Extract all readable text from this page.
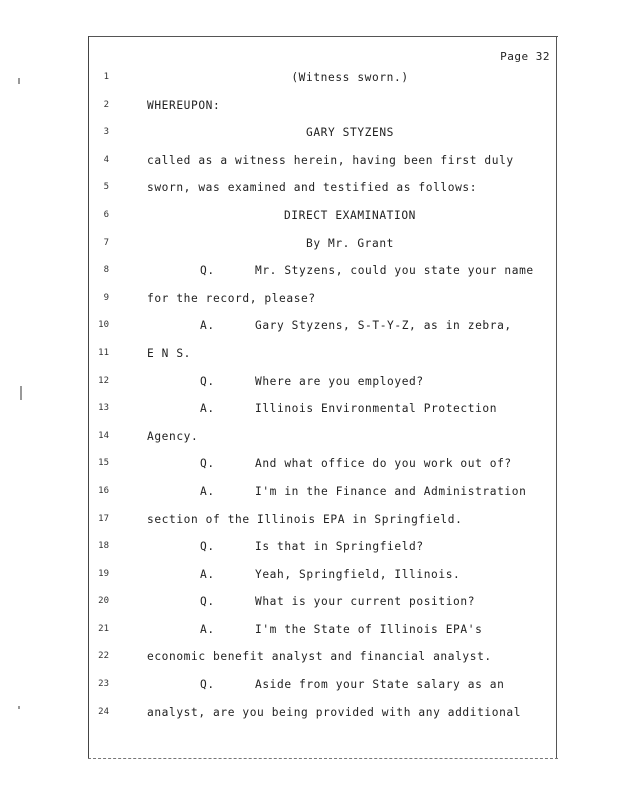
Page 32
1	(Witness sworn.)
2	WHEREUPON:
3	GARY STYZENS
4	called as a witness herein, having been first duly
5	sworn, was examined and testified as follows:
6	DIRECT EXAMINATION
7	By Mr. Grant
8	Q.	Mr. Styzens, could you state your name
9	for the record, please?
10	A.	Gary Styzens, S-T-Y-Z, as in zebra,
11	E N S.
12	Q.	Where are you employed?
13	A.	Illinois Environmental Protection
14	Agency.
15	Q.	And what office do you work out of?
16	A.	I'm in the Finance and Administration
17	section of the Illinois EPA in Springfield.
18	Q.	Is that in Springfield?
19	A.	Yeah, Springfield, Illinois.
20	Q.	What is your current position?
21	A.	I'm the State of Illinois EPA's
22	economic benefit analyst and financial analyst.
23	Q.	Aside from your State salary as an
24	analyst, are you being provided with any additional
